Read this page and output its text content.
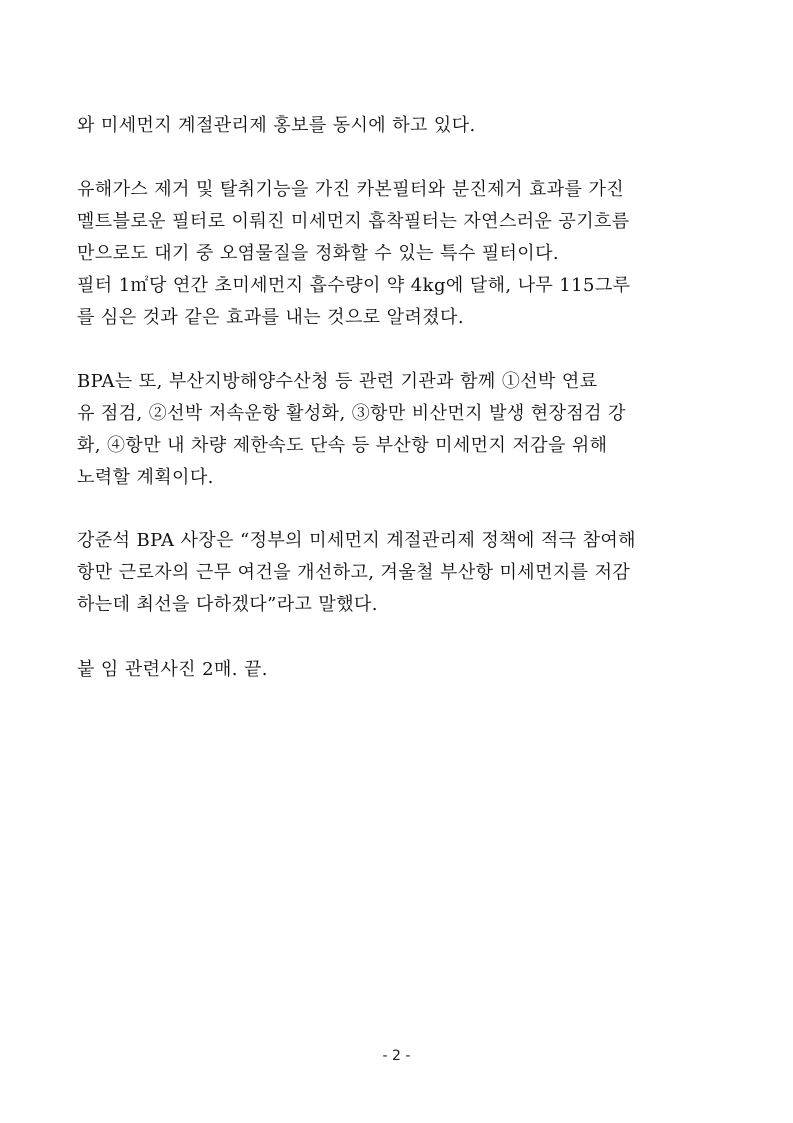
와 미세먼지 계절관리제 홍보를 동시에 하고 있다.
유해가스 제거 및 탈취기능을 가진 카본필터와 분진제거 효과를 가진
멜트블로운 필터로 이뤄진 미세먼지 흡착필터는 자연스러운 공기흐름
만으로도 대기 중 오염물질을 정화할 수 있는 특수 필터이다.
필터 1㎡당 연간 초미세먼지 흡수량이 약 4kg에 달해, 나무 115그루
를 심은 것과 같은 효과를 내는 것으로 알려졌다.
BPA는 또, 부산지방해양수산청 등 관련 기관과 함께 ①선박 연료
유 점검, ②선박 저속운항 활성화, ③항만 비산먼지 발생 현장점검 강
화, ④항만 내 차량 제한속도 단속 등 부산항 미세먼지 저감을 위해
노력할 계획이다.
강준석 BPA 사장은 “정부의 미세먼지 계절관리제 정책에 적극 참여해
항만 근로자의 근무 여건을 개선하고, 겨울철 부산항 미세먼지를 저감
하는데 최선을 다하겠다”라고 말했다.
붙 임 관련사진 2매. 끝.
- 2 -
